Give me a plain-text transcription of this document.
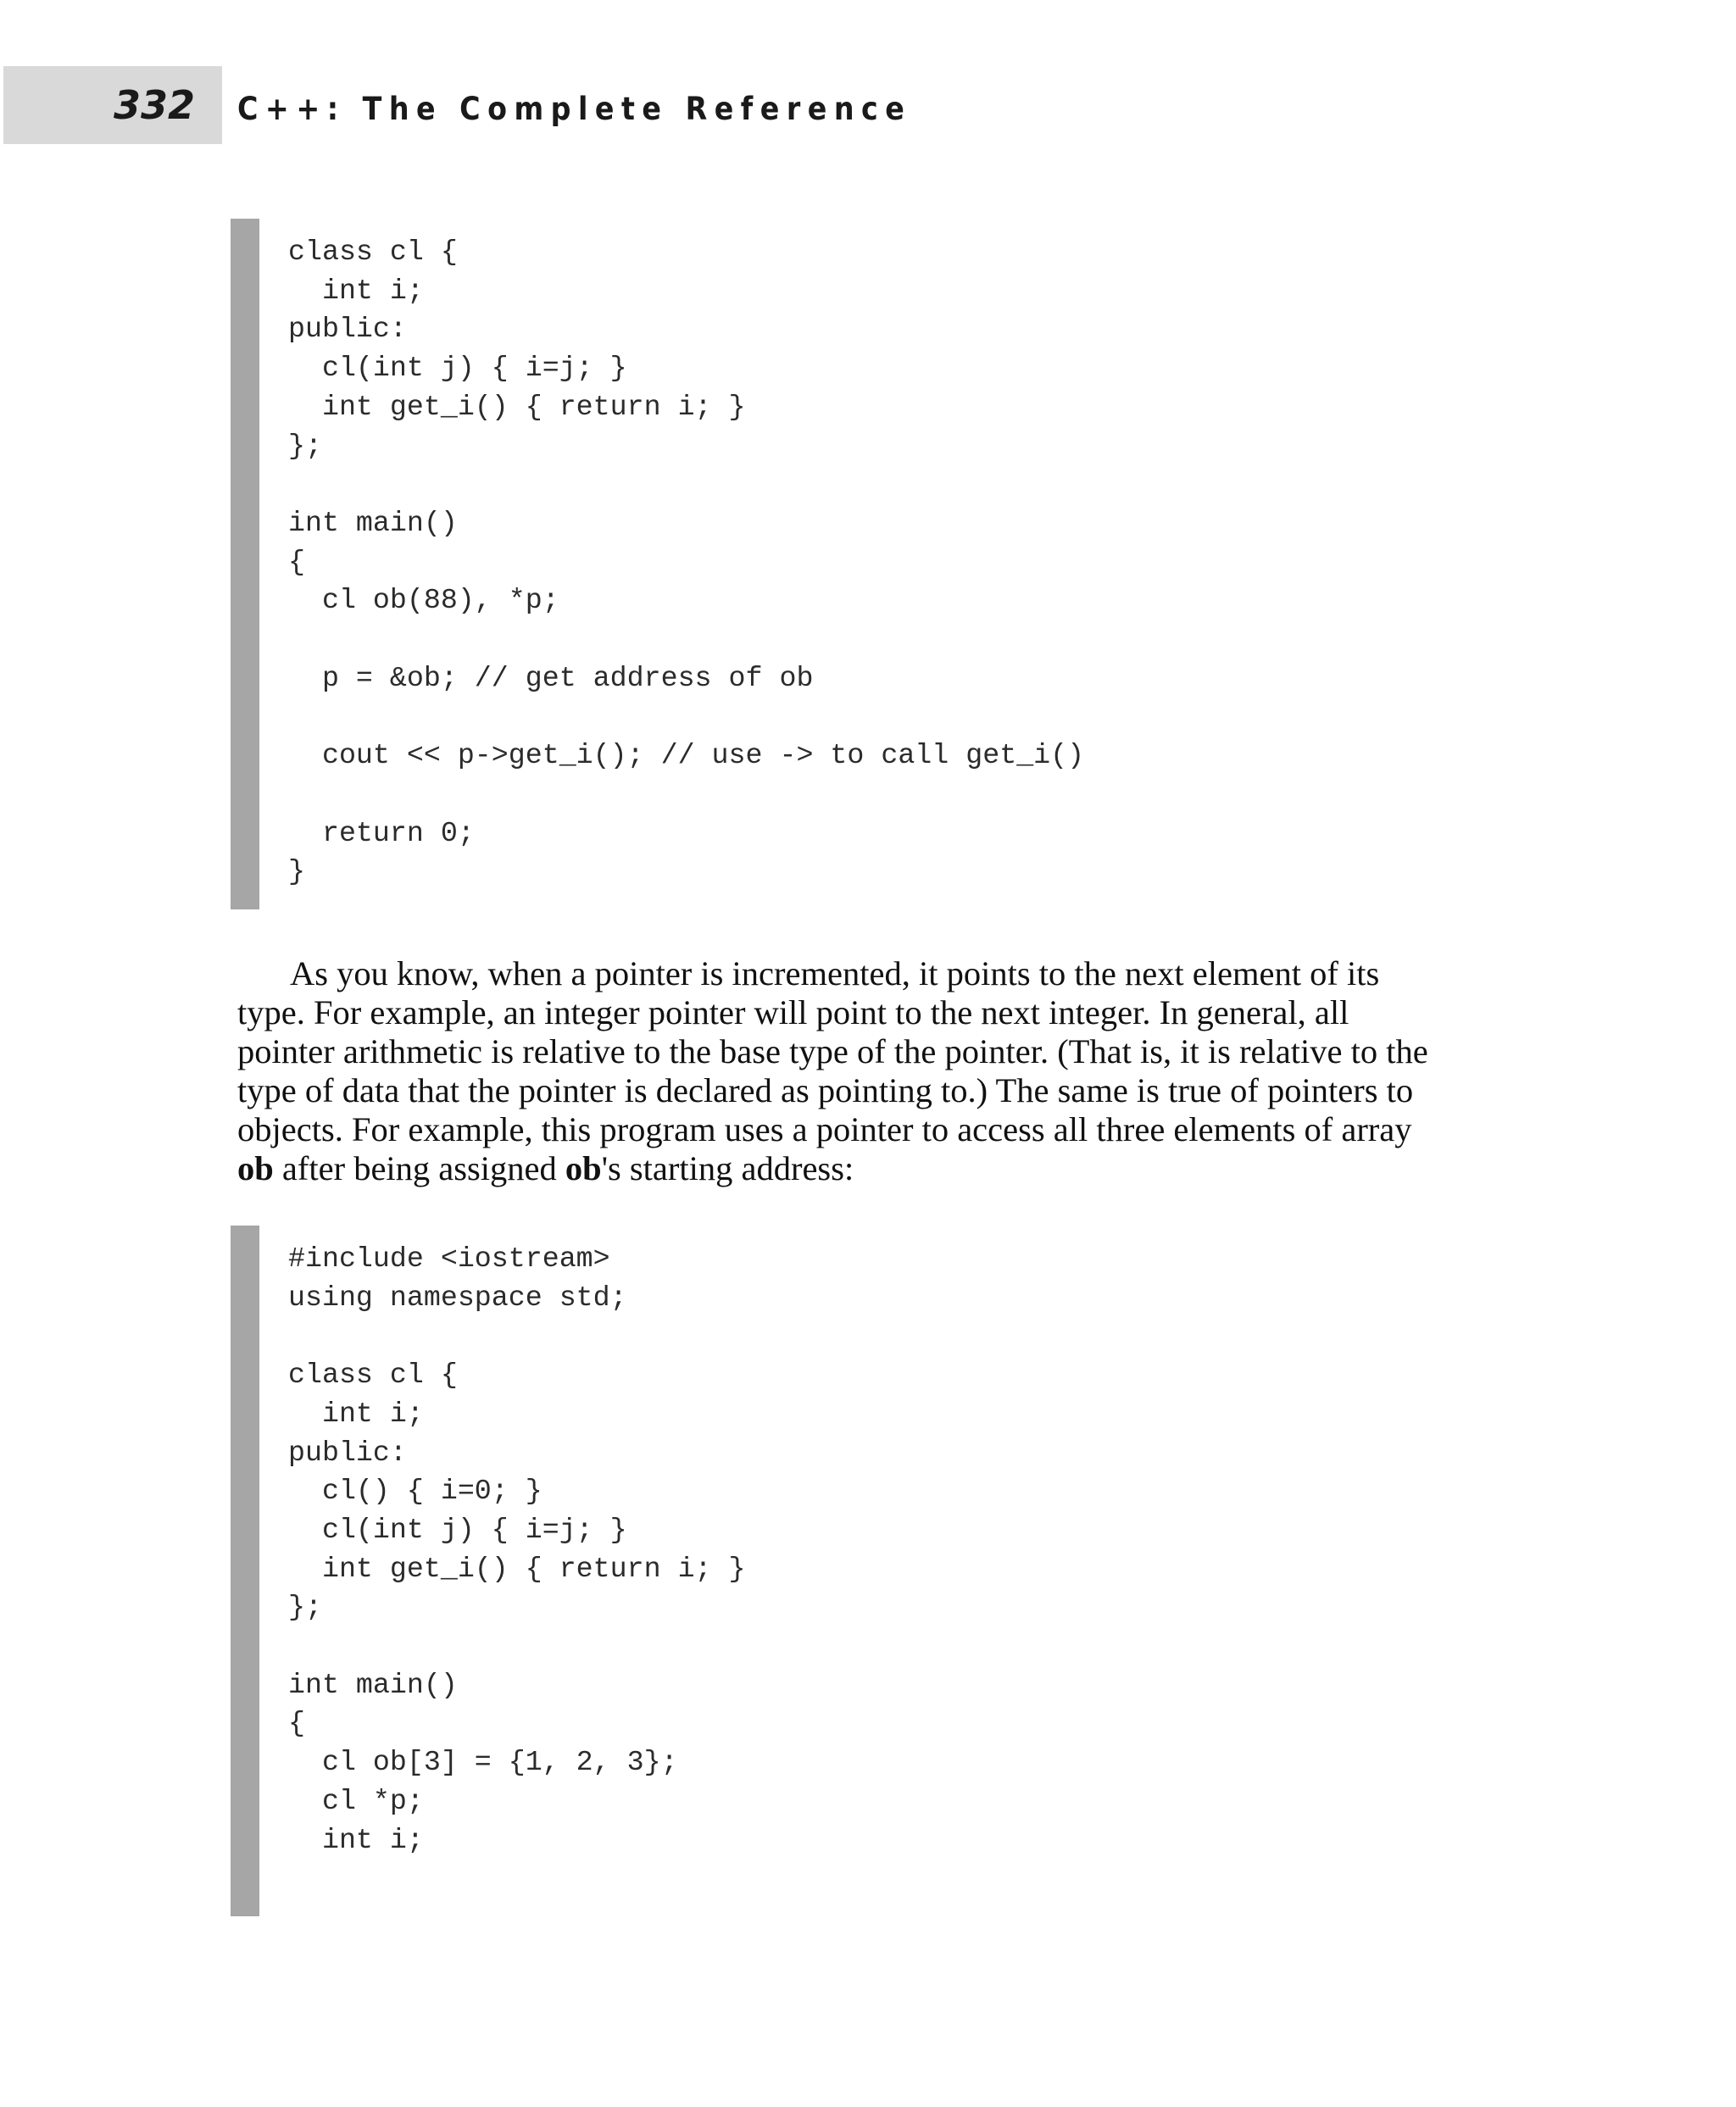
332 C++: The Complete Reference
class cl {
int i;
public:
cl(int j) { i=j; }
int get_i() { return i; }
};

int main()
{
cl ob(88), *p;

p = &ob; // get address of ob

cout << p->get_i(); // use -> to call get_i()

return 0;
}

As you know, when a pointer is incremented, it points to the next element of its
type. For example, an integer pointer will point to the next integer. In general, all
pointer arithmetic is relative to the base type of the pointer. (That is, it is relative to the
type of data that the pointer is declared as pointing to.) The same is true of pointers to
objects. For example, this program uses a pointer to access all three elements of array
ob after being assigned ob's starting address:

#include <iostream>
using namespace std;

class cl {
int i;
public:
cl() { i=0; }
cl(int j) { i=j; }
int get_i() { return i; }
};

int main()
{
cl ob[3] = {1, 2, 3};
cl *p;
int i;
